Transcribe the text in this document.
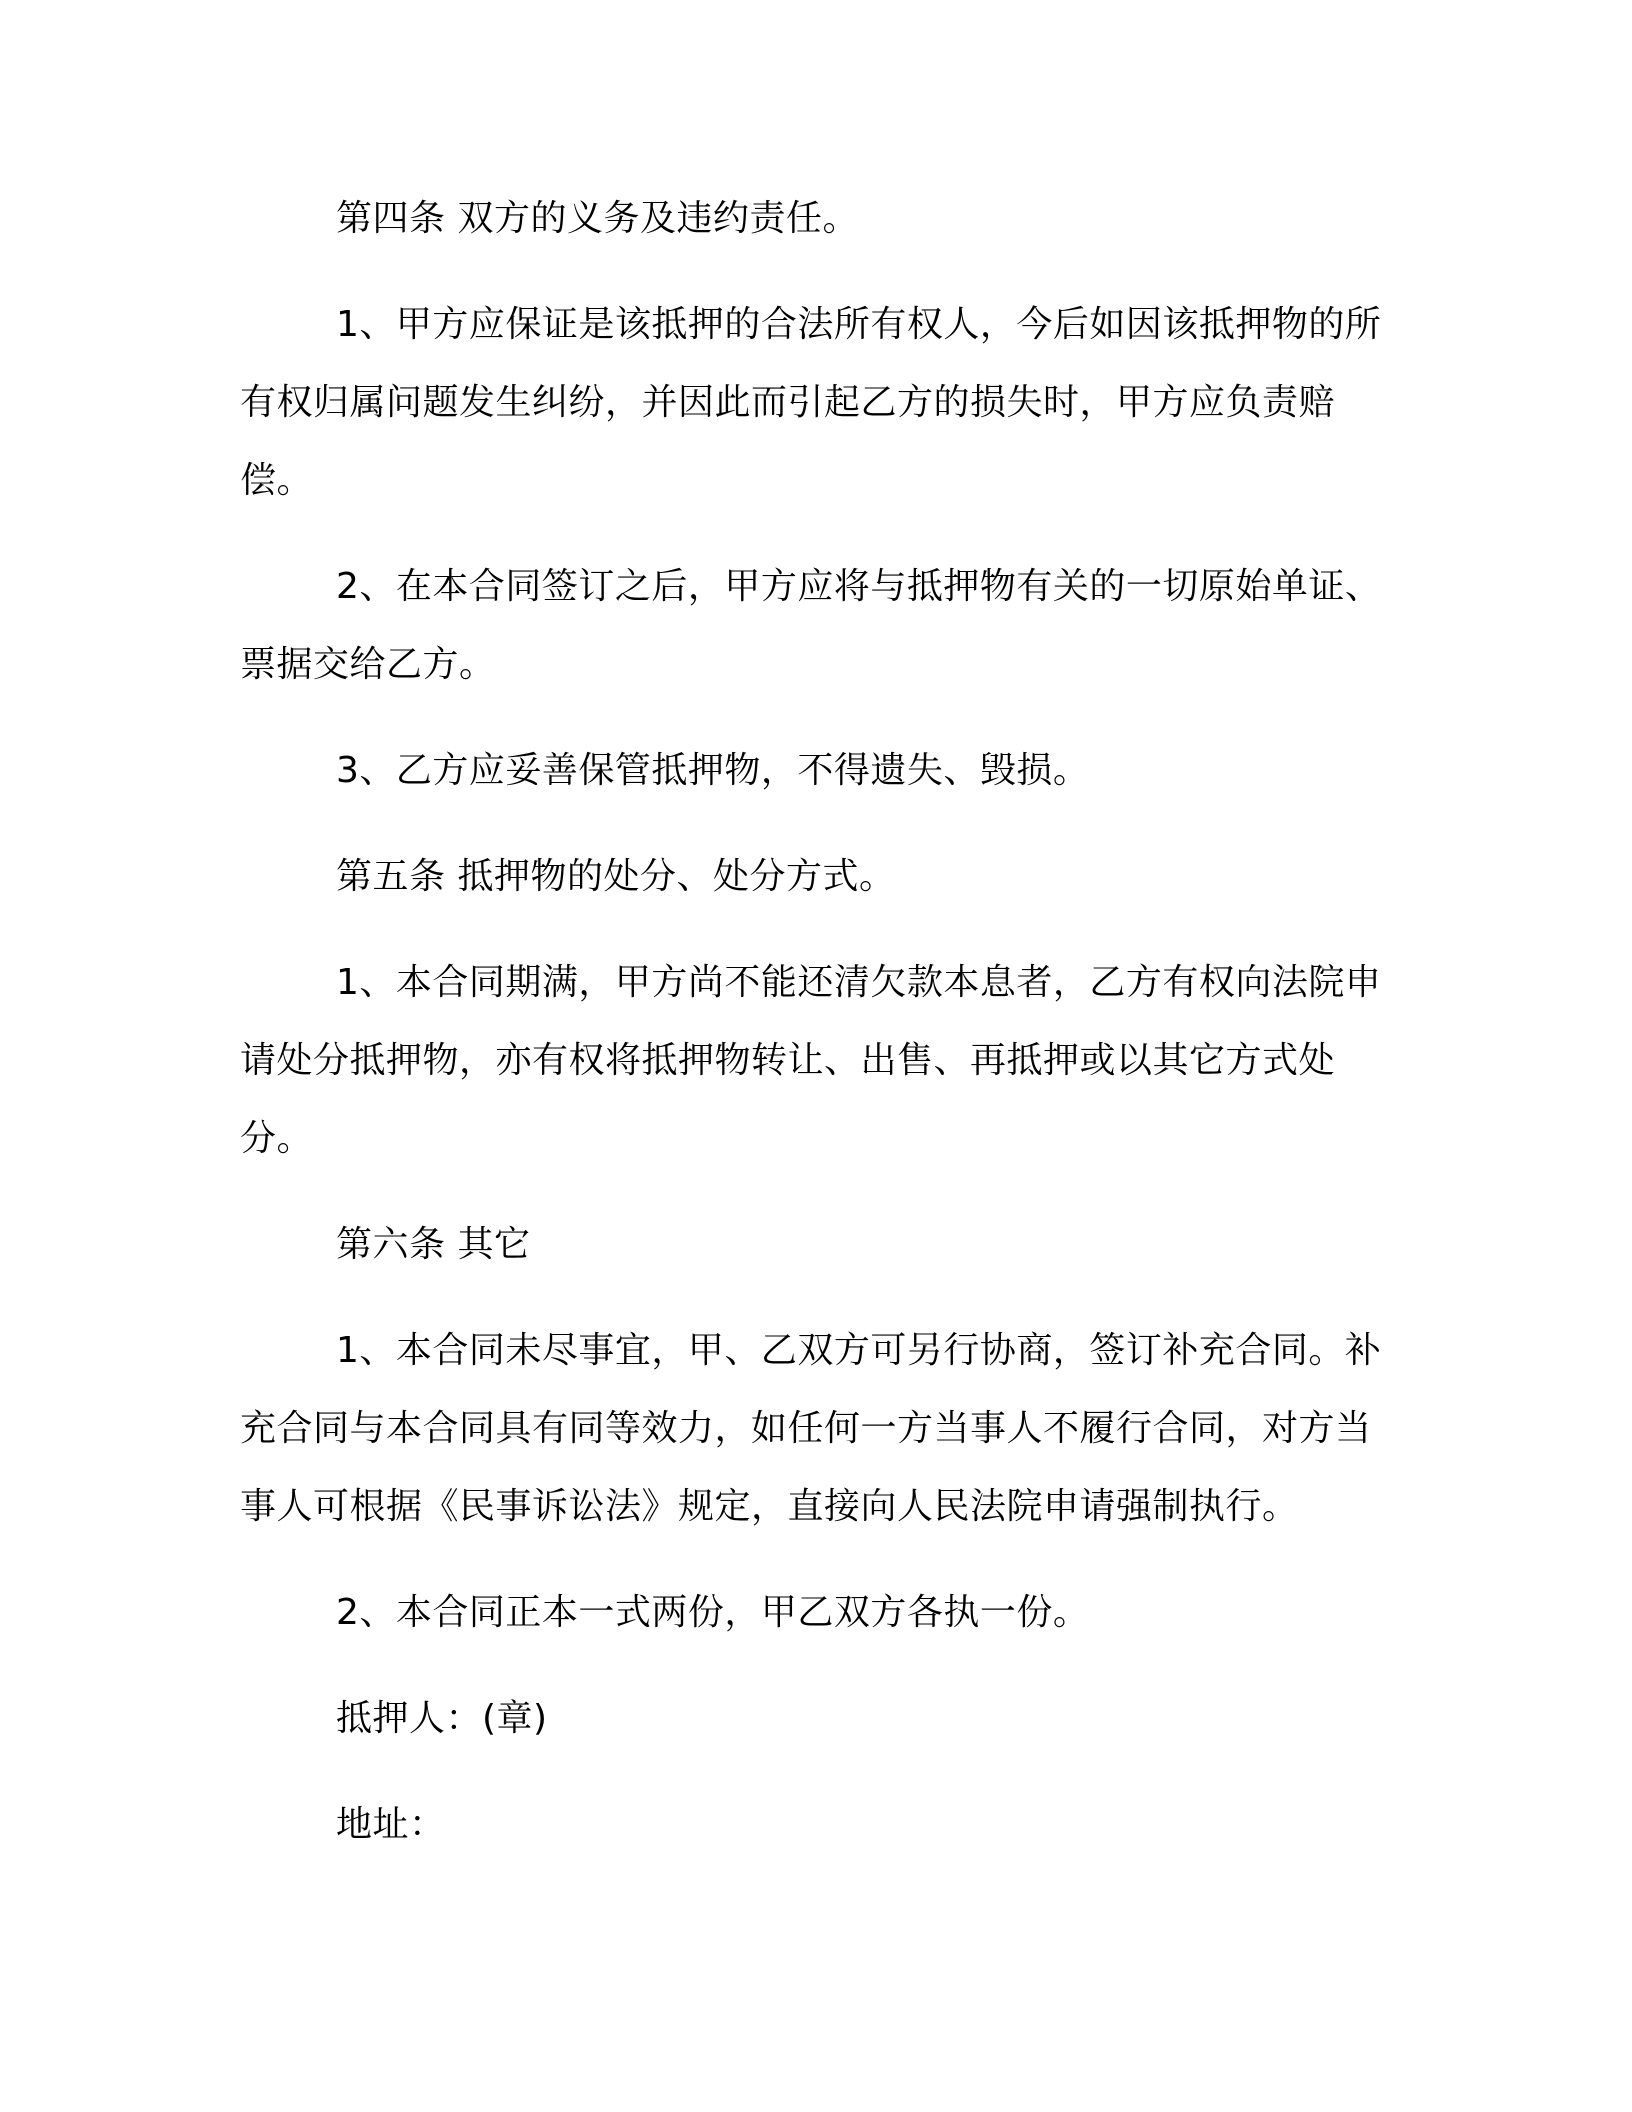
第四条 双方的义务及违约责任。

1、甲方应保证是该抵押的合法所有权人，今后如因该抵押物的所有权归属问题发生纠纷，并因此而引起乙方的损失时，甲方应负责赔偿。

2、在本合同签订之后，甲方应将与抵押物有关的一切原始单证、票据交给乙方。

3、乙方应妥善保管抵押物，不得遗失、毁损。

第五条 抵押物的处分、处分方式。

1、本合同期满，甲方尚不能还清欠款本息者，乙方有权向法院申请处分抵押物，亦有权将抵押物转让、出售、再抵押或以其它方式处分。

第六条 其它

1、本合同未尽事宜，甲、乙双方可另行协商，签订补充合同。补充合同与本合同具有同等效力，如任何一方当事人不履行合同，对方当事人可根据《民事诉讼法》规定，直接向人民法院申请强制执行。

2、本合同正本一式两份，甲乙双方各执一份。

抵押人：(章)

地址：
